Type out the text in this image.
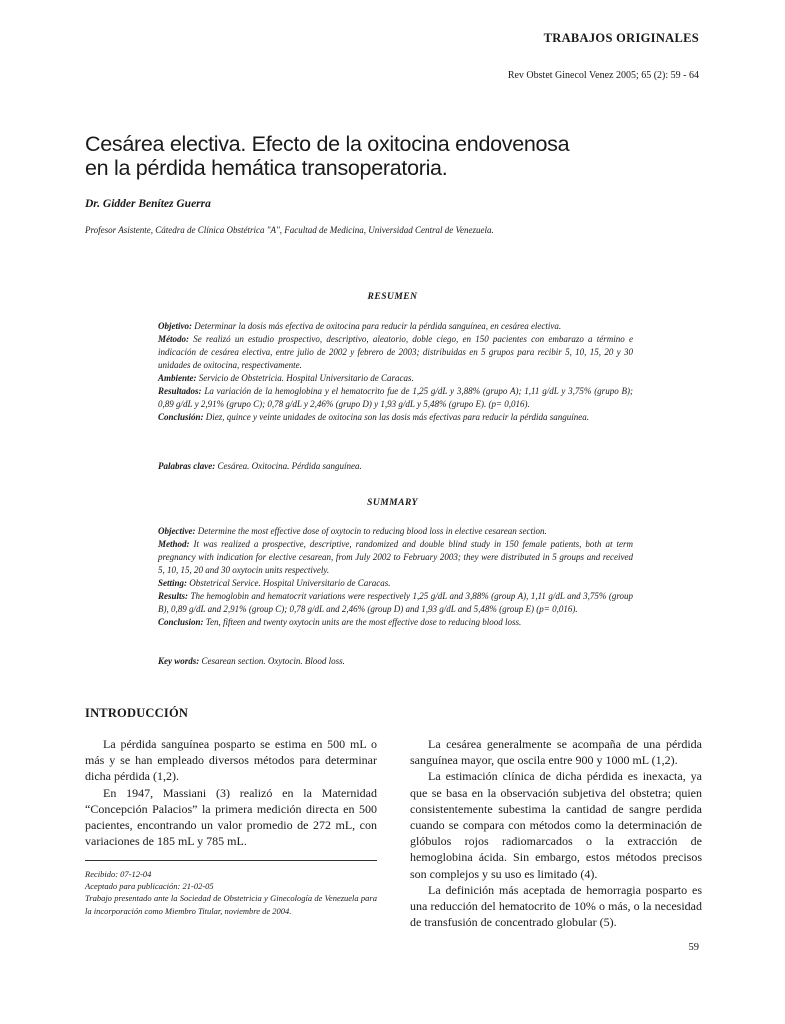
TRABAJOS ORIGINALES
Rev Obstet Ginecol Venez 2005; 65 (2): 59 - 64
Cesárea electiva. Efecto de la oxitocina endovenosa
en la pérdida hemática transoperatoria.
Dr. Gidder Benítez Guerra
Profesor Asistente, Cátedra de Clínica Obstétrica "A", Facultad de Medicina, Universidad Central de Venezuela.
RESUMEN

Objetivo: Determinar la dosis más efectiva de oxitocina para reducir la pérdida sanguínea, en cesárea electiva.

Método: Se realizó un estudio prospectivo, descriptivo, aleatorio, doble ciego, en 150 pacientes con embarazo a término e indicación de cesárea electiva, entre julio de 2002 y febrero de 2003; distribuidas en 5 grupos para recibir 5, 10, 15, 20 y 30 unidades de oxitocina, respectivamente.

Ambiente: Servicio de Obstetricia. Hospital Universitario de Caracas.

Resultados: La variación de la hemoglobina y el hematocrito fue de 1,25 g/dL y 3,88% (grupo A); 1,11 g/dL y 3,75% (grupo B); 0,89 g/dL y 2,91% (grupo C); 0,78 g/dL y 2,46% (grupo D) y 1,93 g/dL y 5,48% (grupo E). (p= 0,016).

Conclusión: Diez, quince y veinte unidades de oxitocina son las dosis más efectivas para reducir la pérdida sanguínea.

Palabras clave: Cesárea. Oxitocina. Pérdida sanguínea.

SUMMARY

Objective: Determine the most effective dose of oxytocin to reducing blood loss in elective cesarean section.

Method: It was realized a prospective, descriptive, randomized and double blind study in 150 female patients, both at term pregnancy with indication for elective cesarean, from July 2002 to February 2003; they were distributed in 5 groups and received 5, 10, 15, 20 and 30 oxytocin units respectively.

Setting: Obstetrical Service. Hospital Universitario de Caracas.

Results: The hemoglobin and hematocrit variations were respectively 1,25 g/dL and 3,88% (group A), 1,11 g/dL and 3,75% (group B), 0,89 g/dL and 2,91% (group C); 0,78 g/dL and 2,46% (group D) and 1,93 g/dL and 5,48% (group E) (p= 0,016).

Conclusion: Ten, fifteen and twenty oxytocin units are the most effective dose to reducing blood loss.

Key words: Cesarean section. Oxytocin. Blood loss.

INTRODUCCIÓN

La pérdida sanguínea posparto se estima en 500 mL o más y se han empleado diversos métodos para determinar dicha pérdida (1,2).

En 1947, Massiani (3) realizó en la Maternidad “Concepción Palacios” la primera medición directa en 500 pacientes, encontrando un valor promedio de 272 mL, con variaciones de 185 mL y 785 mL.

La cesárea generalmente se acompaña de una pérdida sanguínea mayor, que oscila entre 900 y 1000 mL (1,2).

La estimación clínica de dicha pérdida es inexacta, ya que se basa en la observación subjetiva del obstetra; quien consistentemente subestima la cantidad de sangre perdida cuando se compara con métodos como la determinación de glóbulos rojos radiomarcados o la extracción de hemoglobina ácida. Sin embargo, estos métodos precisos son complejos y su uso es limitado (4).

La definición más aceptada de hemorragia posparto es una reducción del hematocrito de 10% o más, o la necesidad de transfusión de concentrado globular (5).

Recibido: 07-12-04

Aceptado para publicación: 21-02-05

Trabajo presentado ante la Sociedad de Obstetricia y Ginecología de Venezuela para la incorporación como Miembro Titular, noviembre de 2004.

59
